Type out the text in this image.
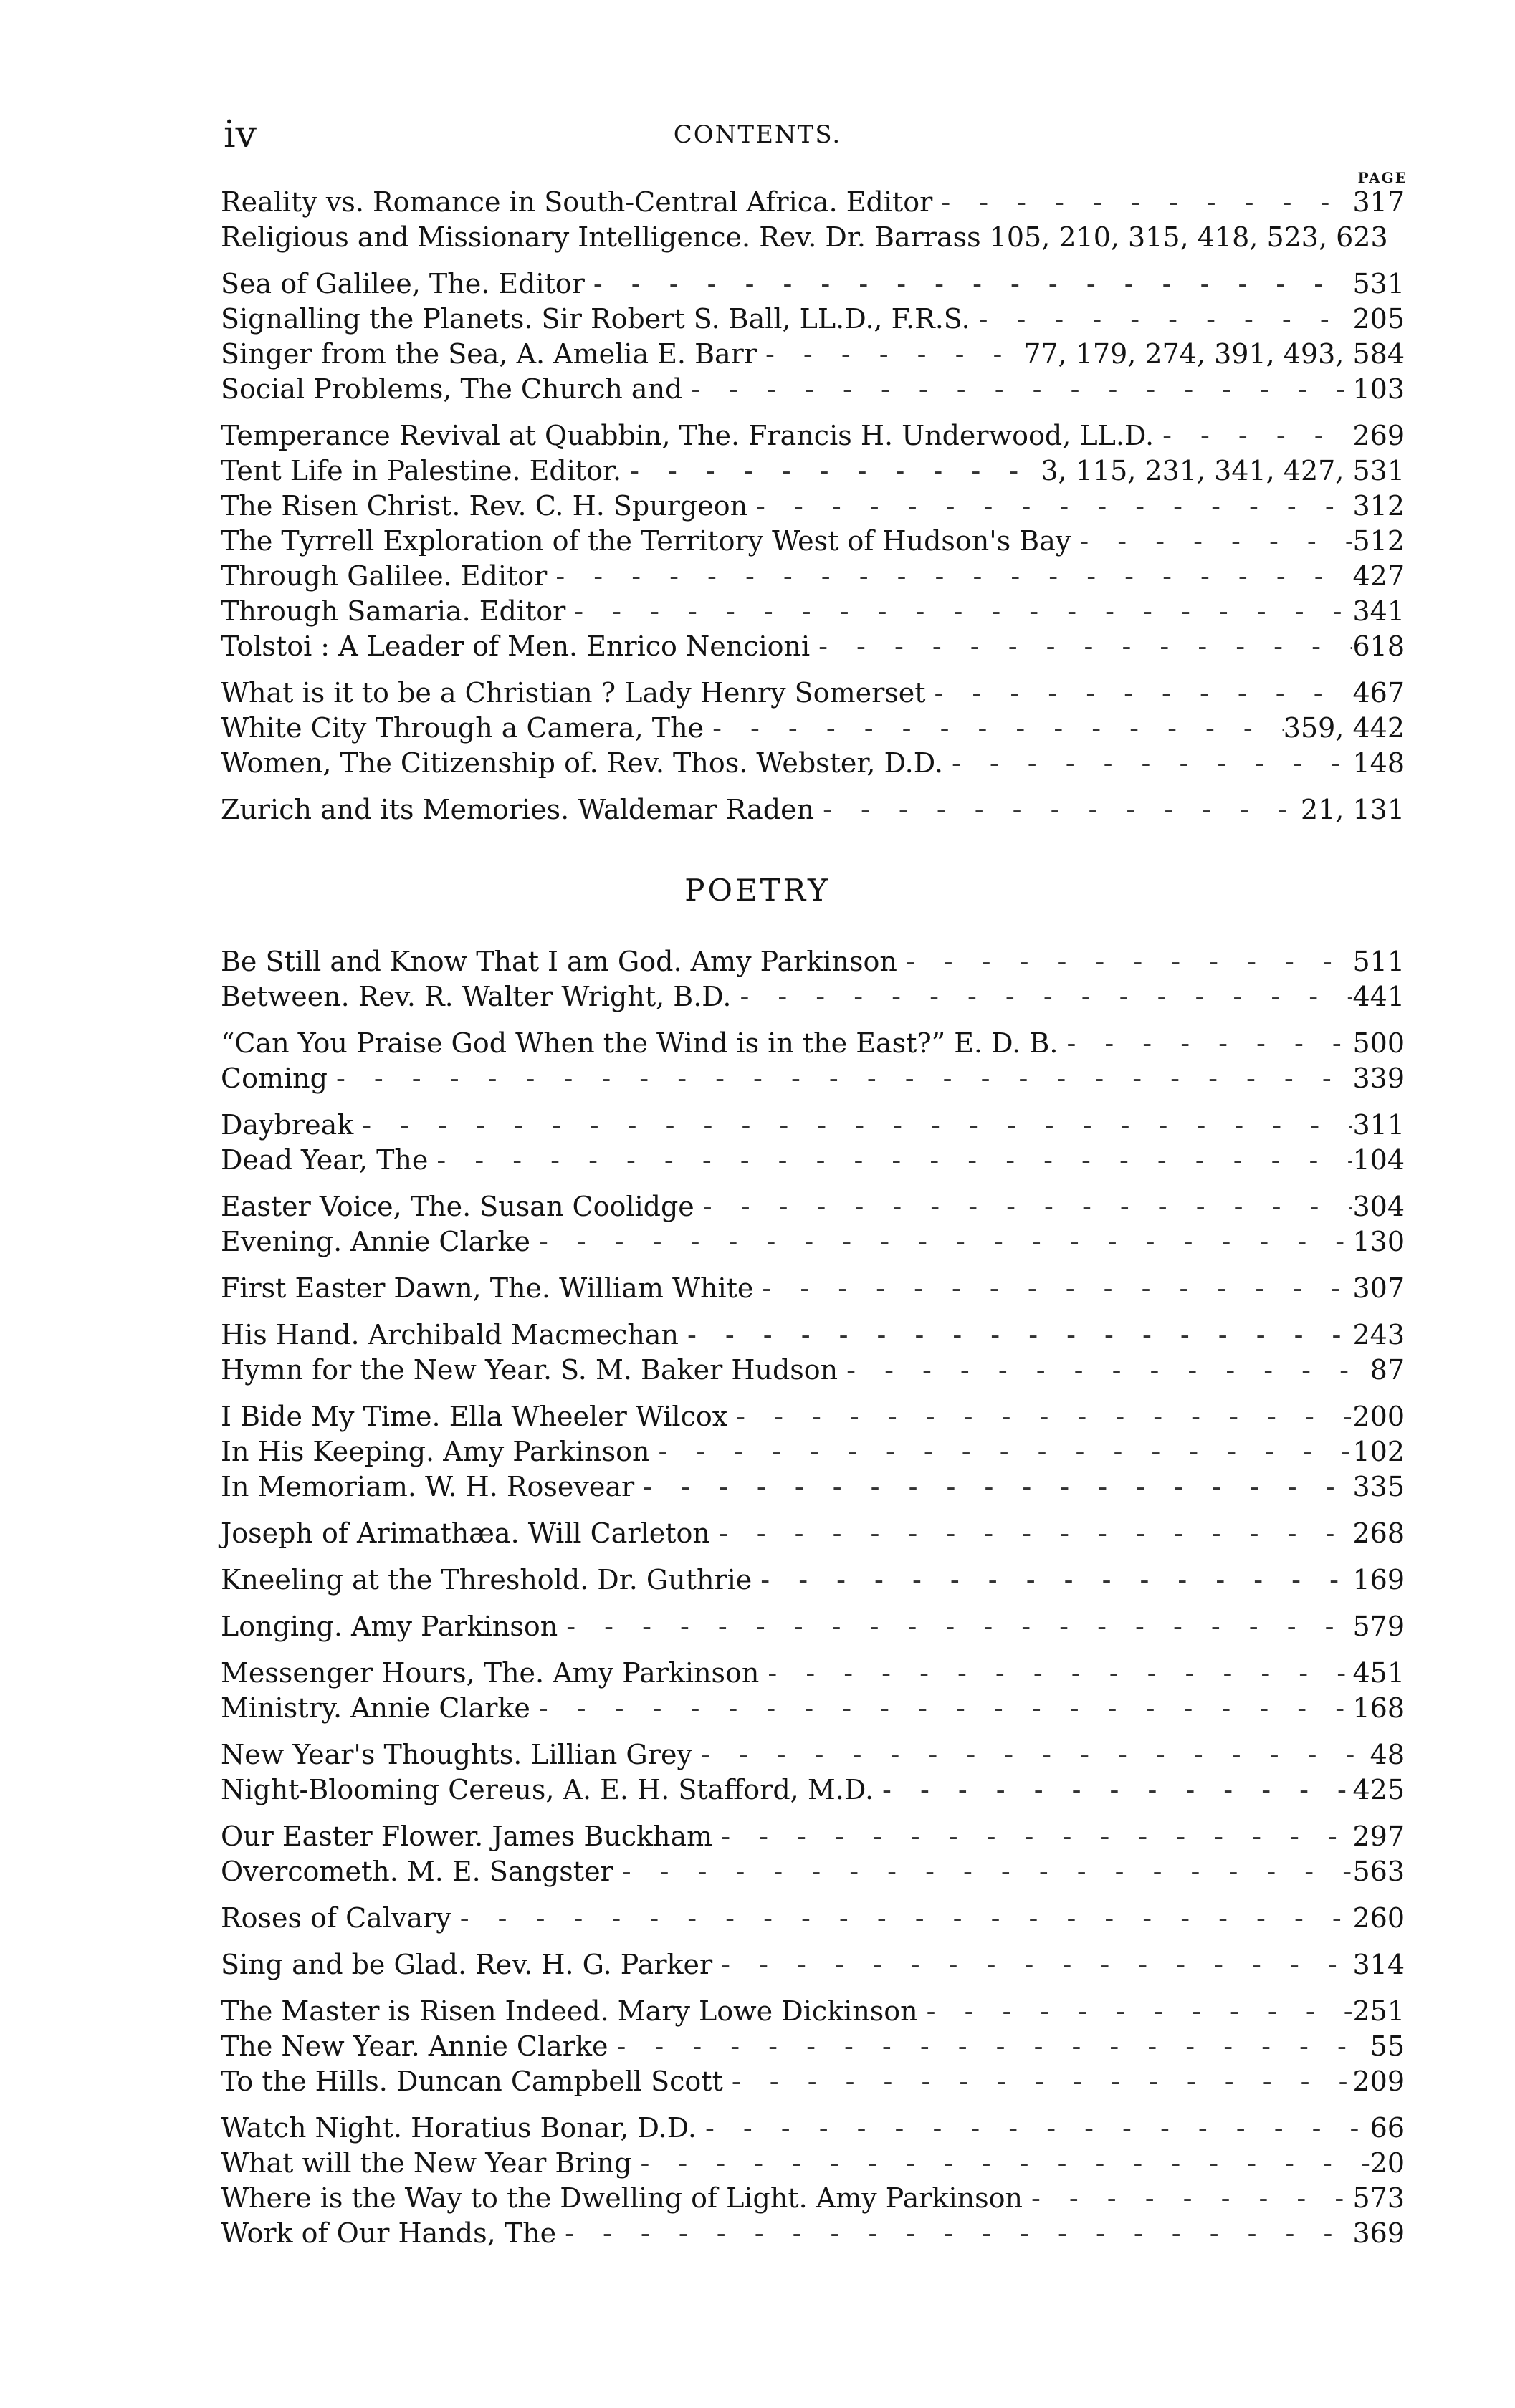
iv	CONTENTS.
PAGE
Reality vs. Romance in South-Central Africa. Editor - - -	317
Religious and Missionary Intelligence. Rev. Dr. Barrass 105, 210, 315, 418, 523, 623
Sea of Galilee, The. Editor - - -	531
Signalling the Planets. Sir Robert S. Ball, LL.D., F.R.S. - - -	205
Singer from the Sea, A. Amelia E. Barr - - -	77, 179, 274, 391, 493, 584
Social Problems, The Church and - - -	103
Temperance Revival at Quabbin, The. Francis H. Underwood, LL.D. - - -	269
Tent Life in Palestine. Editor. - - -	3, 115, 231, 341, 427, 531
The Risen Christ. Rev. C. H. Spurgeon - - -	312
The Tyrrell Exploration of the Territory West of Hudson's Bay - - -	512
Through Galilee. Editor - - -	427
Through Samaria. Editor - - -	341
Tolstoi : A Leader of Men. Enrico Nencioni - - -	618
What is it to be a Christian ? Lady Henry Somerset - - -	467
White City Through a Camera, The - - -	359, 442
Women, The Citizenship of. Rev. Thos. Webster, D.D. - - -	148
Zurich and its Memories. Waldemar Raden - - -	21, 131
POETRY
Be Still and Know That I am God. Amy Parkinson - - -	511
Between. Rev. R. Walter Wright, B.D. - - -	441
“Can You Praise God When the Wind is in the East?” E. D. B. - - -	500
Coming - - -	339
Daybreak - - -	311
Dead Year, The - - -	104
Easter Voice, The. Susan Coolidge - - -	304
Evening. Annie Clarke - - -	130
First Easter Dawn, The. William White - - -	307
His Hand. Archibald Macmechan - - -	243
Hymn for the New Year. S. M. Baker Hudson - - -	87
I Bide My Time. Ella Wheeler Wilcox - - -	200
In His Keeping. Amy Parkinson - - -	102
In Memoriam. W. H. Rosevear - - -	335
Joseph of Arimathæa. Will Carleton - - -	268
Kneeling at the Threshold. Dr. Guthrie - - -	169
Longing. Amy Parkinson - - -	579
Messenger Hours, The. Amy Parkinson - - -	451
Ministry. Annie Clarke - - -	168
New Year's Thoughts. Lillian Grey - - -	48
Night-Blooming Cereus, A. E. H. Stafford, M.D. - - -	425
Our Easter Flower. James Buckham - - -	297
Overcometh. M. E. Sangster - - -	563
Roses of Calvary - - -	260
Sing and be Glad. Rev. H. G. Parker - - -	314
The Master is Risen Indeed. Mary Lowe Dickinson - - -	251
The New Year. Annie Clarke - - -	55
To the Hills. Duncan Campbell Scott - - -	209
Watch Night. Horatius Bonar, D.D. - - -	66
What will the New Year Bring - - -	20
Where is the Way to the Dwelling of Light. Amy Parkinson - - -	573
Work of Our Hands, The - - -	369
